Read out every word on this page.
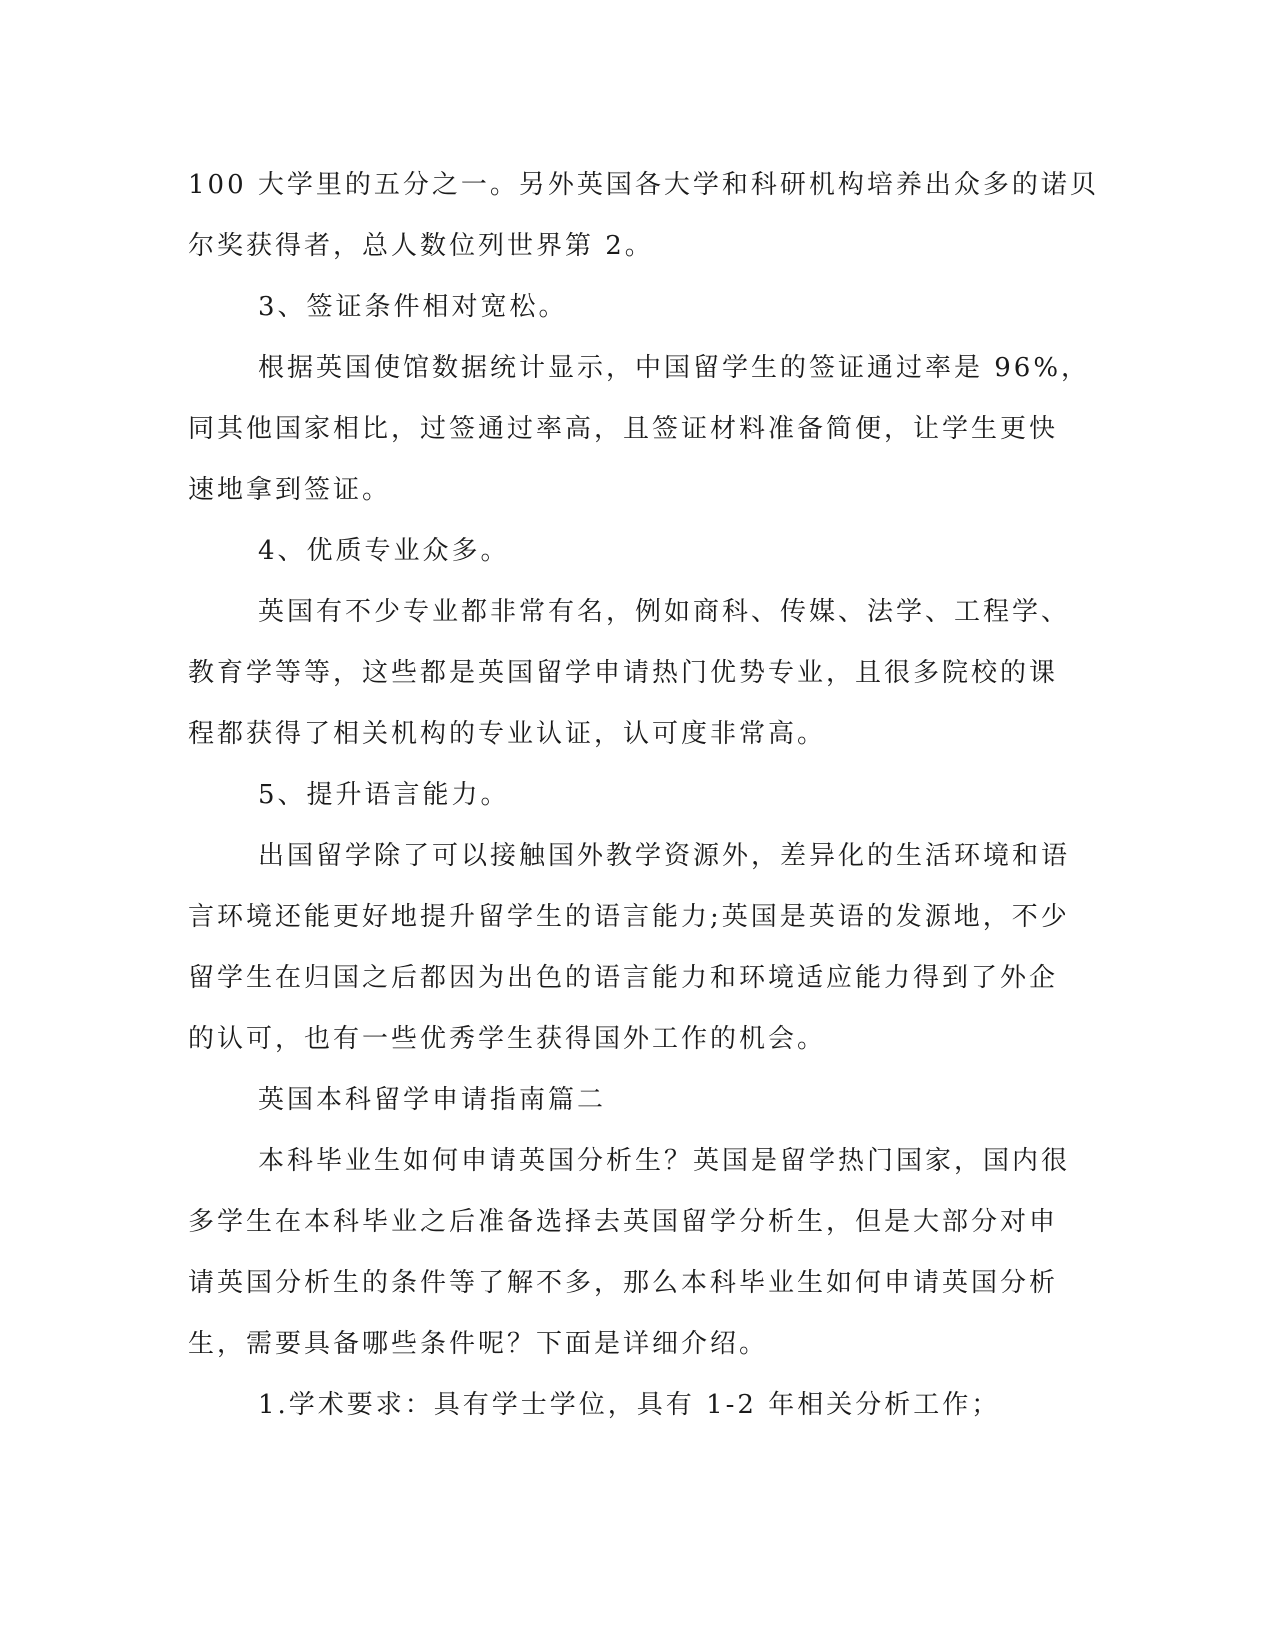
100 大学里的五分之一。另外英国各大学和科研机构培养出众多的诺贝
尔奖获得者，总人数位列世界第 2。

3、签证条件相对宽松。

根据英国使馆数据统计显示，中国留学生的签证通过率是 96%，
同其他国家相比，过签通过率高，且签证材料准备简便，让学生更快
速地拿到签证。

4、优质专业众多。

英国有不少专业都非常有名，例如商科、传媒、法学、工程学、
教育学等等，这些都是英国留学申请热门优势专业，且很多院校的课
程都获得了相关机构的专业认证，认可度非常高。

5、提升语言能力。

出国留学除了可以接触国外教学资源外，差异化的生活环境和语
言环境还能更好地提升留学生的语言能力;英国是英语的发源地，不少
留学生在归国之后都因为出色的语言能力和环境适应能力得到了外企
的认可，也有一些优秀学生获得国外工作的机会。

英国本科留学申请指南篇二

本科毕业生如何申请英国分析生？英国是留学热门国家，国内很
多学生在本科毕业之后准备选择去英国留学分析生，但是大部分对申
请英国分析生的条件等了解不多，那么本科毕业生如何申请英国分析
生，需要具备哪些条件呢？下面是详细介绍。

1.学术要求：具有学士学位，具有 1-2 年相关分析工作；
